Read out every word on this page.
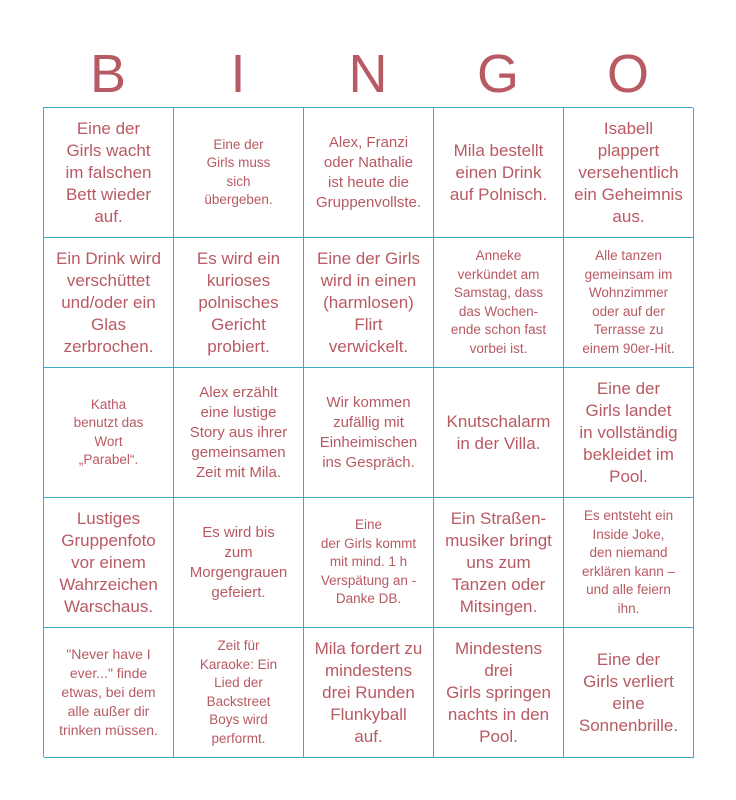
B	I	N	G	O
Eine der
Girls wacht
im falschen
Bett wieder
auf.
Eine der
Girls muss
sich
übergeben.
Alex, Franzi
oder Nathalie
ist heute die
Gruppenvollste.
Mila bestellt
einen Drink
auf Polnisch.
Isabell
plappert
versehentlich
ein Geheimnis
aus.
Ein Drink wird
verschüttet
und/oder ein
Glas
zerbrochen.
Es wird ein
kurioses
polnisches
Gericht
probiert.
Eine der Girls
wird in einen
(harmlosen)
Flirt
verwickelt.
Anneke
verkündet am
Samstag, dass
das Wochen-
ende schon fast
vorbei ist.
Alle tanzen
gemeinsam im
Wohnzimmer
oder auf der
Terrasse zu
einem 90er-Hit.
Katha
benutzt das
Wort
„Parabel“.
Alex erzählt
eine lustige
Story aus ihrer
gemeinsamen
Zeit mit Mila.
Wir kommen
zufällig mit
Einheimischen
ins Gespräch.
Knutschalarm
in der Villa.
Eine der
Girls landet
in vollständig
bekleidet im
Pool.
Lustiges
Gruppenfoto
vor einem
Wahrzeichen
Warschaus.
Es wird bis
zum
Morgengrauen
gefeiert.
Eine
der Girls kommt
mit mind. 1 h
Verspätung an -
Danke DB.
Ein Straßen-
musiker bringt
uns zum
Tanzen oder
Mitsingen.
Es entsteht ein
Inside Joke,
den niemand
erklären kann –
und alle feiern
ihn.
"Never have I
ever..." finde
etwas, bei dem
alle außer dir
trinken müssen.
Zeit für
Karaoke: Ein
Lied der
Backstreet
Boys wird
performt.
Mila fordert zu
mindestens
drei Runden
Flunkyball
auf.
Mindestens
drei
Girls springen
nachts in den
Pool.
Eine der
Girls verliert
eine
Sonnenbrille.
